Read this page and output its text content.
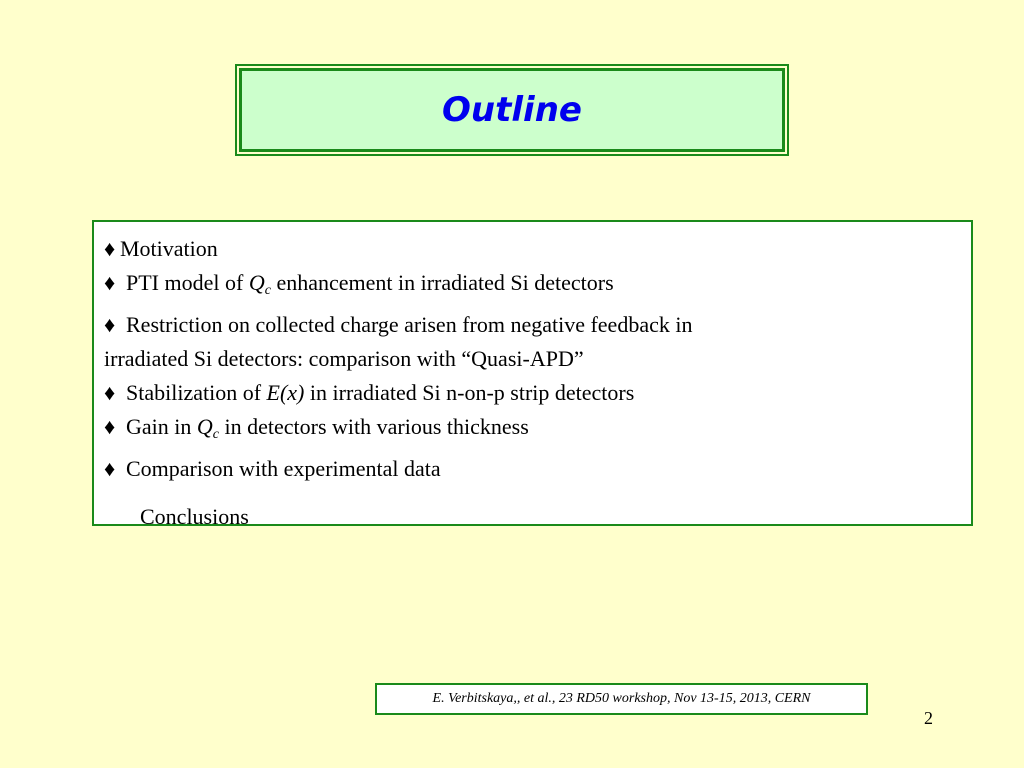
Outline
♦ Motivation
♦ PTI model of $Q_c$ enhancement in irradiated Si detectors
♦ Restriction on collected charge arisen from negative feedback in
irradiated Si detectors: comparison with “Quasi-APD”
♦ Stabilization of E(x) in irradiated Si n-on-p strip detectors
♦ Gain in $Q_c$ in detectors with various thickness
♦ Comparison with experimental data
Conclusions
E. Verbitskaya,, et al., 23 RD50 workshop, Nov 13-15, 2013, CERN
2
